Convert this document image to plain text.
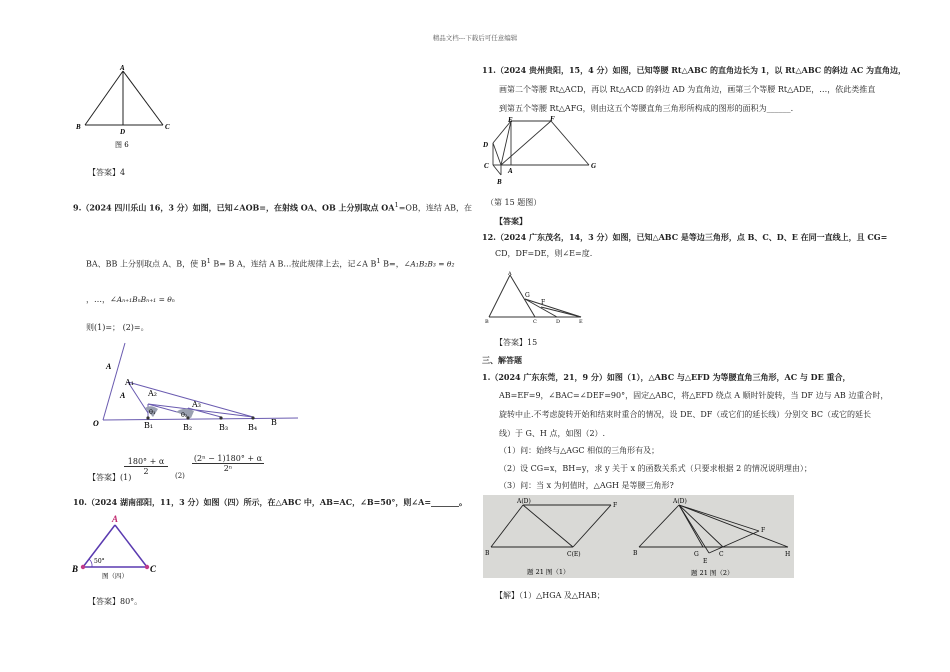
精品文档---下载后可任意编辑
A
B	C
D
图 6
【答案】4
9.（2024 四川乐山 16，3 分）如图，已知∠AOB=，在射线 OA、OB 上分别取点 $OA^1=OB$，连结 AB，在
BA、BB 上分别取点 A、B，使 $B^1$ B= B A，连结 A B…按此规律上去，记∠A $B^1$ B=，∠A₁B₂B₃ = θ₂
，…，∠Aₙ₊₁BₙBₙ₊₁ = θₙ
则(1)=； (2)=。
A
A₁
A	A₂
A₃
O	B₁	B₂	B₃ B₄
B
θ₁	θ₂
【答案】(1)
180° + α
2	(2)
(2ⁿ − 1)180° + α
2ⁿ
10.（2024 湖南邵阳，11，3 分）如图（四）所示，在△ABC 中，AB=AC，∠B=50°，则∠A=_______。
A
B	C
50°
图（四）
【答案】80°。
11.（2024 贵州贵阳，15，4 分）如图，已知等腰 Rt△ABC 的直角边长为 1，以 Rt△ABC 的斜边 AC 为直角边，
画第二个等腰 Rt△ACD，再以 Rt△ACD 的斜边 AD 为直角边，画第三个等腰 Rt△ADE，…，依此类推直
到第五个等腰 Rt△AFG，则由这五个等腰直角三角形所构成的图形的面积为______.
E	F
D
C
A
B
G
（第 15 题图）
【答案】
12.（2024 广东茂名，14，3 分）如图，已知△ABC 是等边三角形，点 B、C、D、E 在同一直线上，且 CG=
CD，DF=DE，则∠E=度.
A
G
F
B	C	D	E
【答案】15
三、解答题
1.（2024 广东东莞，21，9 分）如图（1），△ABC 与△EFD 为等腰直角三角形，AC 与 DE 重合，
AB=EF=9，∠BAC=∠DEF=90°，固定△ABC，将△EFD 绕点 A 顺时针旋转，当 DF 边与 AB 边重合时，
旋转中止.不考虑旋转开始和结束时重合的情况，设 DE、DF（或它们的延长线）分别交 BC（或它的延长
线）于 G、H 点，如图（2）.
（1）问：始终与△AGC 相似的三角形有及；
（2）设 CG=x，BH=y，求 y 关于 x 的函数关系式（只要求根据 2 的情况说明理由）；
（3）问：当 x 为何值时，△AGH 是等腰三角形?
A(D)
F
B	C(E)
题 21 图（1）
A(D)
F
B	G	C
E
H
题 21 图（2）
【解】（1）△HGA 及△HAB；
